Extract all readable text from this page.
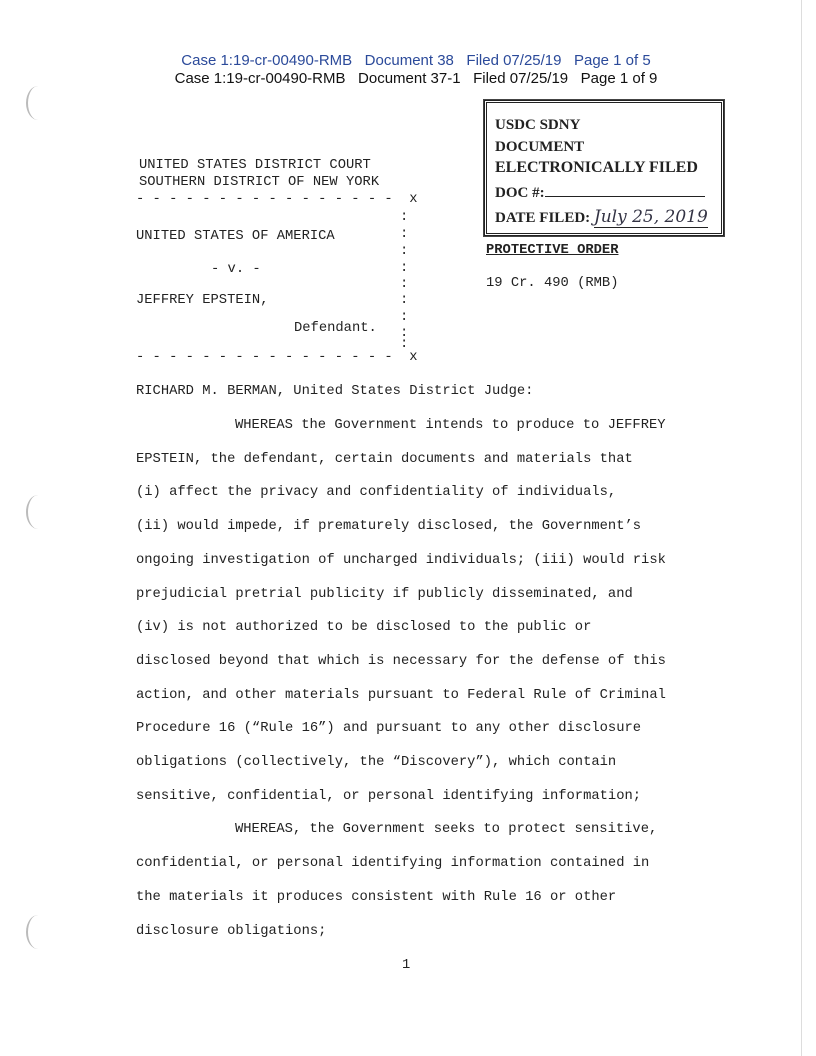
Case 1:19-cr-00490-RMB   Document 38   Filed 07/25/19   Page 1 of 5
Case 1:19-cr-00490-RMB   Document 37-1   Filed 07/25/19   Page 1 of 9
USDC SDNY
DOCUMENT
ELECTRONICALLY FILED
DOC #:
DATE FILED: July 25, 2019
UNITED STATES DISTRICT COURT
SOUTHERN DISTRICT OF NEW YORK
- - - - - - - - - - - - - - - -  x
UNITED STATES OF AMERICA
- v. -
JEFFREY EPSTEIN,
Defendant.
- - - - - - - - - - - - - - - -  x
:
:
:
:
:
:
:
:
:
PROTECTIVE ORDER
19 Cr. 490 (RMB)
RICHARD M. BERMAN, United States District Judge:
WHEREAS the Government intends to produce to JEFFREY
EPSTEIN, the defendant, certain documents and materials that
(i) affect the privacy and confidentiality of individuals,
(ii) would impede, if prematurely disclosed, the Government’s
ongoing investigation of uncharged individuals; (iii) would risk
prejudicial pretrial publicity if publicly disseminated, and
(iv) is not authorized to be disclosed to the public or
disclosed beyond that which is necessary for the defense of this
action, and other materials pursuant to Federal Rule of Criminal
Procedure 16 (“Rule 16”) and pursuant to any other disclosure
obligations (collectively, the “Discovery”), which contain
sensitive, confidential, or personal identifying information;
WHEREAS, the Government seeks to protect sensitive,
confidential, or personal identifying information contained in
the materials it produces consistent with Rule 16 or other
disclosure obligations;
1
